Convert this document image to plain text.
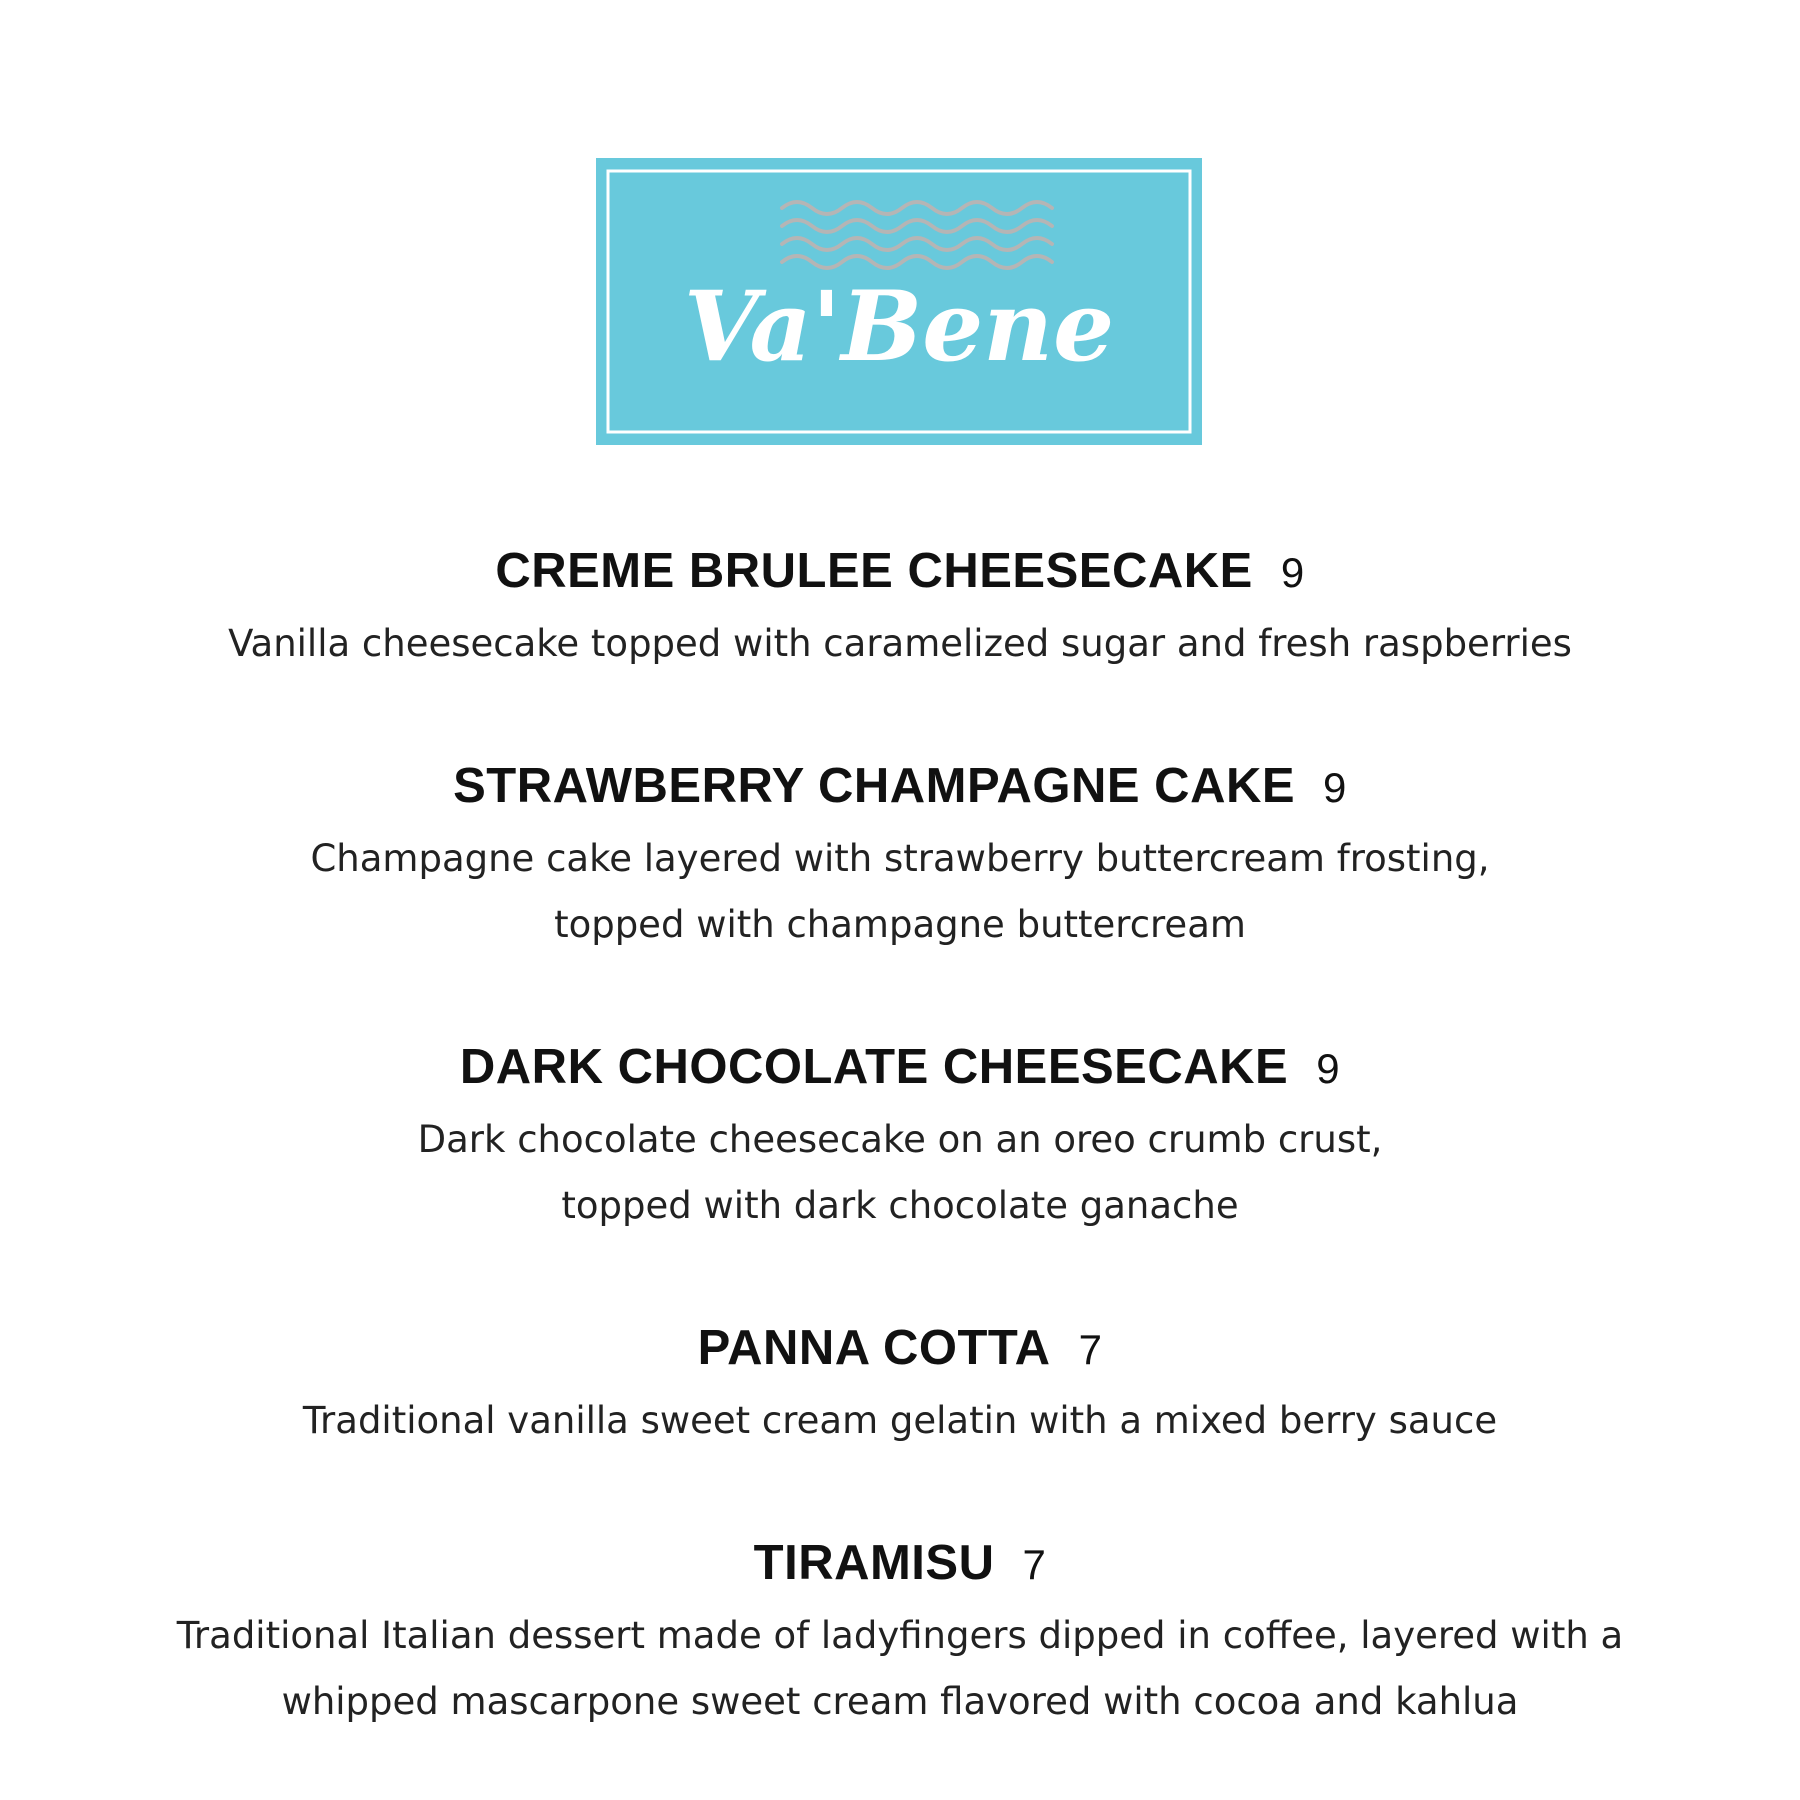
Va'Bene
CREME BRULEE CHEESECAKE 9
Vanilla cheesecake topped with caramelized sugar and fresh raspberries
STRAWBERRY CHAMPAGNE CAKE 9
Champagne cake layered with strawberry buttercream frosting,
topped with champagne buttercream
DARK CHOCOLATE CHEESECAKE 9
Dark chocolate cheesecake on an oreo crumb crust,
topped with dark chocolate ganache
PANNA COTTA 7
Traditional vanilla sweet cream gelatin with a mixed berry sauce
TIRAMISU 7
Traditional Italian dessert made of ladyfingers dipped in coffee, layered with a
whipped mascarpone sweet cream flavored with cocoa and kahlua
